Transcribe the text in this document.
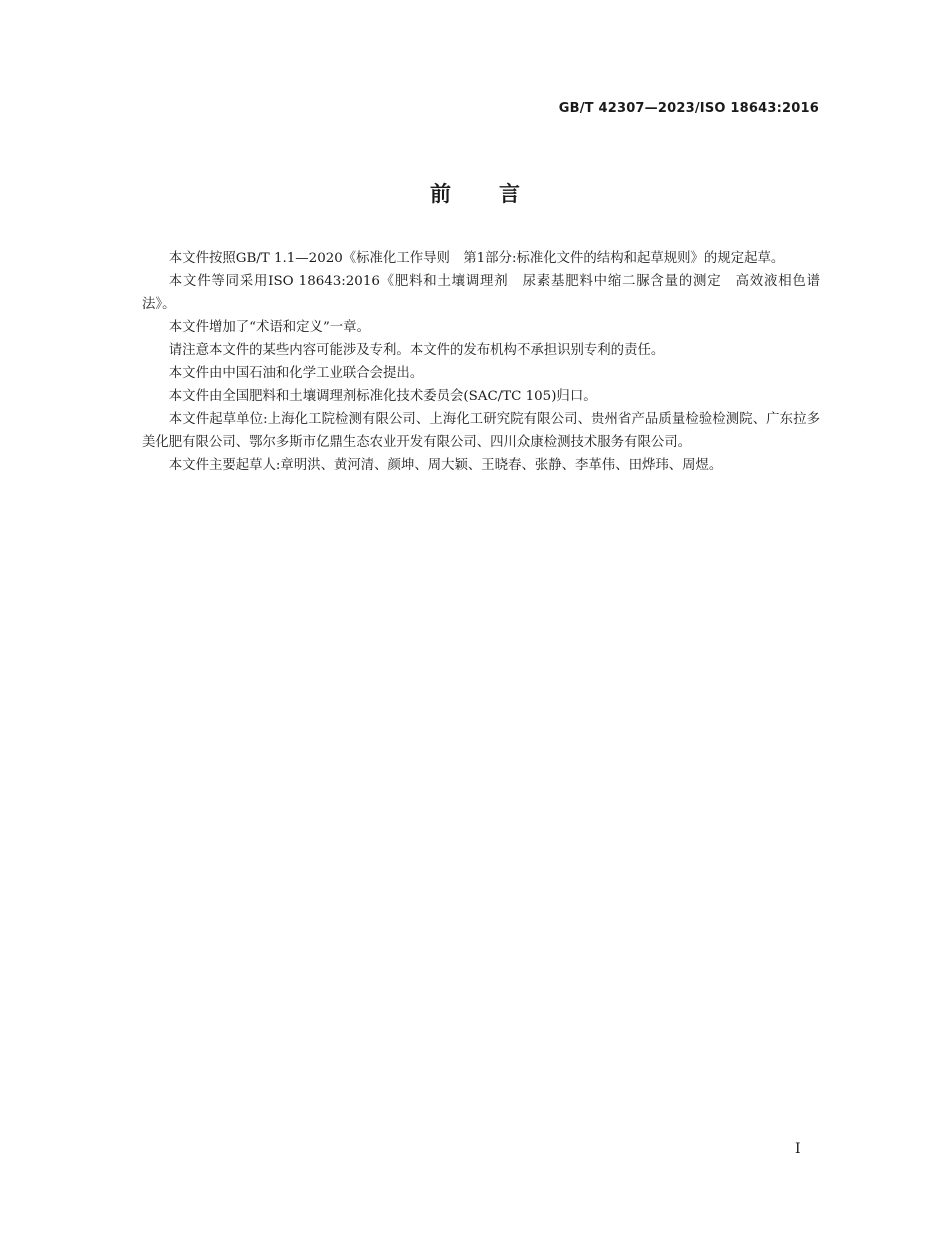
GB/T 42307—2023/ISO 18643:2016

前言

本文件按照GB/T 1.1—2020《标准化工作导则　第1部分:标准化文件的结构和起草规则》的规定起草。

本文件等同采用ISO 18643:2016《肥料和土壤调理剂　尿素基肥料中缩二脲含量的测定　高效液相色谱法》。

本文件增加了“术语和定义”一章。

请注意本文件的某些内容可能涉及专利。本文件的发布机构不承担识别专利的责任。

本文件由中国石油和化学工业联合会提出。

本文件由全国肥料和土壤调理剂标准化技术委员会(SAC/TC 105)归口。

本文件起草单位:上海化工院检测有限公司、上海化工研究院有限公司、贵州省产品质量检验检测院、广东拉多美化肥有限公司、鄂尔多斯市亿鼎生态农业开发有限公司、四川众康检测技术服务有限公司。

本文件主要起草人:章明洪、黄河清、颜坤、周大颖、王晓春、张静、李革伟、田烨玮、周煜。

I
